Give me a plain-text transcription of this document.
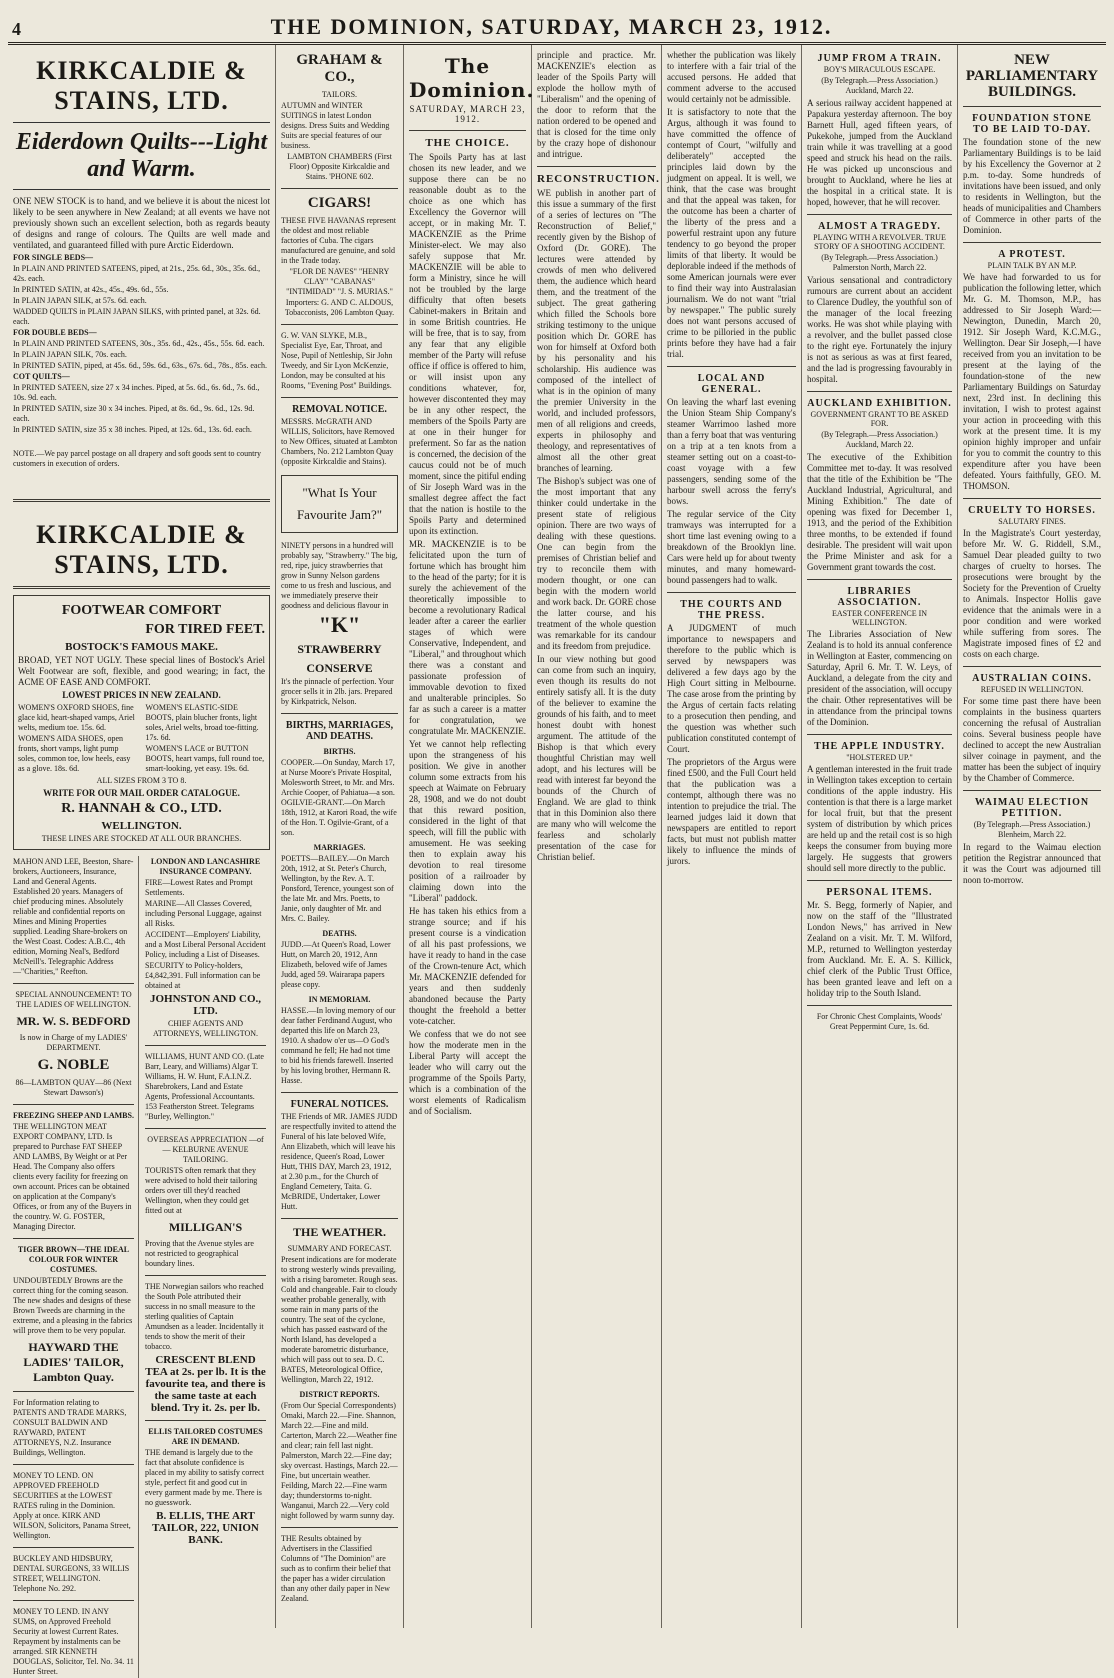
4	THE DOMINION, SATURDAY, MARCH 23, 1912.
KIRKCALDIE & STAINS, LTD.
Eiderdown Quilts---Light and Warm.

ONE NEW STOCK is to hand, and we believe it is about the nicest lot likely to be seen anywhere in New Zealand; at all events we have not previously shown such an excellent selection, both as regards beauty of designs and range of colours. The Quilts are well made and ventilated, and guaranteed filled with pure Arctic Eiderdown.

FOR SINGLE BEDS—

In PLAIN AND PRINTED SATEENS, piped, at 21s., 25s. 6d., 30s., 35s. 6d., 42s. each.

In PRINTED SATIN, at 42s., 45s., 49s. 6d., 55s.

In PLAIN JAPAN SILK, at 57s. 6d. each.

WADDED QUILTS in PLAIN JAPAN SILKS, with printed panel, at 32s. 6d. each.

FOR DOUBLE BEDS—

In PLAIN AND PRINTED SATEENS, 30s., 35s. 6d., 42s., 45s., 55s. 6d. each.

In PLAIN JAPAN SILK, 70s. each.

In PRINTED SATIN, piped, at 45s. 6d., 59s. 6d., 63s., 67s. 6d., 78s., 85s. each.

COT QUILTS—

In PRINTED SATEEN, size 27 x 34 inches. Piped, at 5s. 6d., 6s. 6d., 7s. 6d., 10s. 9d. each.

In PRINTED SATIN, size 30 x 34 inches. Piped, at 8s. 6d., 9s. 6d., 12s. 9d. each.

In PRINTED SATIN, size 35 x 38 inches. Piped, at 12s. 6d., 13s. 6d. each.

NOTE.—We pay parcel postage on all drapery and soft goods sent to country customers in execution of orders.

KIRKCALDIE & STAINS, LTD.
FOOTWEAR COMFORT
FOR TIRED FEET.
BOSTOCK'S FAMOUS MAKE.

BROAD, YET NOT UGLY. These special lines of Bostock's Ariel Welt Footwear are soft, flexible, and good wearing; in fact, the ACME OF EASE AND COMFORT.

LOWEST PRICES IN NEW ZEALAND.

WOMEN'S OXFORD SHOES, fine glace kid, heart-shaped vamps, Ariel welts, medium toe. 15s. 6d.

WOMEN'S AIDA SHOES, open fronts, short vamps, light pump soles, common toe, low heels, easy as a glove. 18s. 6d.

WOMEN'S ELASTIC-SIDE BOOTS, plain blucher fronts, light soles, Ariel welts, broad toe-fitting. 17s. 6d.

WOMEN'S LACE or BUTTON BOOTS, heart vamps, full round toe, smart-looking, yet easy. 19s. 6d.

ALL SIZES FROM 3 TO 8.
WRITE FOR OUR MAIL ORDER CATALOGUE.
R. HANNAH & CO., LTD.
WELLINGTON.
THESE LINES ARE STOCKED AT ALL OUR BRANCHES.

MAHON AND LEE, Beeston, Share-brokers, Auctioneers, Insurance, Land and General Agents. Established 20 years. Managers of chief producing mines. Absolutely reliable and confidential reports on Mines and Mining Properties supplied. Leading Share-brokers on the West Coast. Codes: A.B.C., 4th edition, Morning Neal's, Bedford McNeill's. Telegraphic Address—"Charities," Reefton.

SPECIAL ANNOUNCEMENT! TO THE LADIES OF WELLINGTON.

MR. W. S. BEDFORD

Is now in Charge of my LADIES' DEPARTMENT.

G. NOBLE

86—LAMBTON QUAY—86 (Next Stewart Dawson's)

FREEZING SHEEP AND LAMBS.

THE WELLINGTON MEAT EXPORT COMPANY, LTD. Is prepared to Purchase FAT SHEEP AND LAMBS, By Weight or at Per Head. The Company also offers clients every facility for freezing on own account. Prices can be obtained on application at the Company's Offices, or from any of the Buyers in the country. W. G. FOSTER, Managing Director.

TIGER BROWN—THE IDEAL COLOUR FOR WINTER COSTUMES.

UNDOUBTEDLY Browns are the correct thing for the coming season. The new shades and designs of these Brown Tweeds are charming in the extreme, and a pleasing in the fabrics will prove them to be very popular.

HAYWARD THE LADIES' TAILOR, Lambton Quay.

For Information relating to PATENTS AND TRADE MARKS, CONSULT BALDWIN AND RAYWARD, PATENT ATTORNEYS, N.Z. Insurance Buildings, Wellington.

MONEY TO LEND. ON APPROVED FREEHOLD SECURITIES at the LOWEST RATES ruling in the Dominion. Apply at once. KIRK AND WILSON, Solicitors, Panama Street, Wellington.

BUCKLEY AND HIDSBURY, DENTAL SURGEONS, 33 WILLIS STREET, WELLINGTON. Telephone No. 292.

MONEY TO LEND. IN ANY SUMS, on Approved Freehold Security at lowest Current Rates. Repayment by instalments can be arranged. SIR KENNETH DOUGLAS, Solicitor, Tel. No. 34. 11 Hunter Street.

LONDON AND LANCASHIRE INSURANCE COMPANY.

FIRE—Lowest Rates and Prompt Settlements.

MARINE—All Classes Covered, including Personal Luggage, against all Risks.

ACCIDENT—Employers' Liability, and a Most Liberal Personal Accident Policy, including a List of Diseases.

SECURITY to Policy-holders, £4,842,391. Full information can be obtained at

JOHNSTON AND CO., LTD.

CHIEF AGENTS AND ATTORNEYS, WELLINGTON.

WILLIAMS, HUNT AND CO. (Late Barr, Leary, and Williams) Algar T. Williams, H. W. Hunt, F.A.I.N.Z. Sharebrokers, Land and Estate Agents, Professional Accountants. 153 Featherston Street. Telegrams "Burley, Wellington."

OVERSEAS APPRECIATION —of— KELBURNE AVENUE TAILORING.

TOURISTS often remark that they were advised to hold their tailoring orders over till they'd reached Wellington, when they could get fitted out at

MILLIGAN'S

Proving that the Avenue styles are not restricted to geographical boundary lines.

THE Norwegian sailors who reached the South Pole attributed their success in no small measure to the sterling qualities of Captain Amundsen as a leader. Incidentally it tends to show the merit of their tobacco.

CRESCENT BLEND TEA at 2s. per lb. It is the favourite tea, and there is the same taste at each blend. Try it. 2s. per lb.

ELLIS TAILORED COSTUMES ARE IN DEMAND.

THE demand is largely due to the fact that absolute confidence is placed in my ability to satisfy correct style, perfect fit and good cut in every garment made by me. There is no guesswork.

B. ELLIS, THE ART TAILOR, 222, UNION BANK.
GRAHAM & CO.,
TAILORS.

AUTUMN and WINTER SUITINGS in latest London designs. Dress Suits and Wedding Suits are special features of our business.

LAMBTON CHAMBERS (First Floor) Opposite Kirkcaldie and Stains. 'PHONE 602.

CIGARS!

THESE FIVE HAVANAS represent the oldest and most reliable factories of Cuba. The cigars manufactured are genuine, and sold in the Trade today.

"FLOR DE NAVES" "HENRY CLAY" "CABANAS" "INTIMIDAD" "J. S. MURIAS."

Importers: G. AND C. ALDOUS, Tobacconists, 206 Lambton Quay.

G. W. VAN SLYKE, M.B., Specialist Eye, Ear, Throat, and Nose, Pupil of Nettleship, Sir John Tweedy, and Sir Lyon McKenzie, London, may be consulted at his Rooms, "Evening Post" Buildings.

REMOVAL NOTICE.

MESSRS. McGRATH AND WILLIS, Solicitors, have Removed to New Offices, situated at Lambton Chambers, No. 212 Lambton Quay (opposite Kirkcaldie and Stains).

"What Is Your Favourite Jam?"

NINETY persons in a hundred will probably say, "Strawberry." The big, red, ripe, juicy strawberries that grow in Sunny Nelson gardens come to us fresh and luscious, and we immediately preserve their goodness and delicious flavour in

"K"
STRAWBERRY
CONSERVE

It's the pinnacle of perfection. Your grocer sells it in 2lb. jars. Prepared by Kirkpatrick, Nelson.

BIRTHS, MARRIAGES, AND DEATHS.
BIRTHS.

COOPER.—On Sunday, March 17, at Nurse Moore's Private Hospital, Molesworth Street, to Mr. and Mrs. Archie Cooper, of Pahiatua—a son. OGILVIE-GRANT.—On March 18th, 1912, at Karori Road, the wife of the Hon. T. Ogilvie-Grant, of a son.

MARRIAGES.

POETTS—BAILEY.—On March 20th, 1912, at St. Peter's Church, Wellington, by the Rev. A. T. Ponsford, Terence, youngest son of the late Mr. and Mrs. Poetts, to Janie, only daughter of Mr. and Mrs. C. Bailey.

DEATHS.

JUDD.—At Queen's Road, Lower Hutt, on March 20, 1912, Ann Elizabeth, beloved wife of James Judd, aged 59. Wairarapa papers please copy.

IN MEMORIAM.

HASSE.—In loving memory of our dear father Ferdinand August, who departed this life on March 23, 1910. A shadow o'er us—O God's command he fell; He had not time to bid his friends farewell. Inserted by his loving brother, Hermann R. Hasse.

FUNERAL NOTICES.

THE Friends of MR. JAMES JUDD are respectfully invited to attend the Funeral of his late beloved Wife, Ann Elizabeth, which will leave his residence, Queen's Road, Lower Hutt, THIS DAY, March 23, 1912, at 2.30 p.m., for the Church of England Cemetery, Taita. G. McBRIDE, Undertaker, Lower Hutt.

THE WEATHER.
SUMMARY AND FORECAST.

Present indications are for moderate to strong westerly winds prevailing, with a rising barometer. Rough seas. Cold and changeable. Fair to cloudy weather probable generally, with some rain in many parts of the country. The seat of the cyclone, which has passed eastward of the North Island, has developed a moderate barometric disturbance, which will pass out to sea. D. C. BATES, Meteorological Office, Wellington, March 22, 1912.

DISTRICT REPORTS.

(From Our Special Correspondents) Omaki, March 22.—Fine. Shannon, March 22.—Fine and mild. Carterton, March 22.—Weather fine and clear; rain fell last night. Palmerston, March 22.—Fine day; sky overcast. Hastings, March 22.—Fine, but uncertain weather. Feilding, March 22.—Fine warm day; thunderstorms to-night. Wanganui, March 22.—Very cold night followed by warm sunny day.

THE Results obtained by Advertisers in the Classified Columns of "The Dominion" are such as to confirm their belief that the paper has a wider circulation than any other daily paper in New Zealand.

The Dominion.
SATURDAY, MARCH 23, 1912.
THE CHOICE.

The Spoils Party has at last chosen its new leader, and we suppose there can be no reasonable doubt as to the choice as one which has Excellency the Governor will accept, or in making Mr. T. MACKENZIE as the Prime Minister-elect. We may also safely suppose that Mr. MACKENZIE will be able to form a Ministry, since he will not be troubled by the large difficulty that often besets Cabinet-makers in Britain and in some British countries. He will be free, that is to say, from any fear that any eligible member of the Party will refuse office if office is offered to him, or will insist upon any conditions whatever, for, however discontented they may be in any other respect, the members of the Spoils Party are at one in their hunger for preferment. So far as the nation is concerned, the decision of the caucus could not be of much moment, since the pitiful ending of Sir Joseph Ward was in the smallest degree affect the fact that the nation is hostile to the Spoils Party and determined upon its extinction.

MR. MACKENZIE is to be felicitated upon the turn of fortune which has brought him to the head of the party; for it is surely the achievement of the theoretically impossible to become a revolutionary Radical leader after a career the earlier stages of which were Conservative, Independent, and "Liberal," and throughout which there was a constant and passionate profession of immovable devotion to fixed and unalterable principles. So far as such a career is a matter for congratulation, we congratulate Mr. MACKENZIE.

Yet we cannot help reflecting upon the strangeness of his position. We give in another column some extracts from his speech at Waimate on February 28, 1908, and we do not doubt that this reward position, considered in the light of that speech, will fill the public with amusement. He was seeking then to explain away his devotion to real tiresome position of a railroader by claiming down into the "Liberal" paddock.

He has taken his ethics from a strange source; and if his present course is a vindication of all his past professions, we have it ready to hand in the case of the Crown-tenure Act, which Mr. MACKENZIE defended for years and then suddenly abandoned because the Party thought the freehold a better vote-catcher.

We confess that we do not see how the moderate men in the Liberal Party will accept the leader who will carry out the programme of the Spoils Party, which is a combination of the worst elements of Radicalism and of Socialism.

principle and practice. Mr. MACKENZIE's election as leader of the Spoils Party will explode the hollow myth of "Liberalism" and the opening of the door to reform that the nation ordered to be opened and that is closed for the time only by the crazy hope of dishonour and intrigue.

RECONSTRUCTION.

WE publish in another part of this issue a summary of the first of a series of lectures on "The Reconstruction of Belief," recently given by the Bishop of Oxford (Dr. GORE). The lectures were attended by crowds of men who delivered them, the audience which heard them, and the treatment of the subject. The great gathering which filled the Schools bore striking testimony to the unique position which Dr. GORE has won for himself at Oxford both by his personality and his scholarship. His audience was composed of the intellect of what is in the opinion of many the premier University in the world, and included professors, men of all religions and creeds, experts in philosophy and theology, and representatives of almost all the other great branches of learning.

The Bishop's subject was one of the most important that any thinker could undertake in the present state of religious opinion. There are two ways of dealing with these questions. One can begin from the premises of Christian belief and try to reconcile them with modern thought, or one can begin with the modern world and work back. Dr. GORE chose the latter course, and his treatment of the whole question was remarkable for its candour and its freedom from prejudice.

In our view nothing but good can come from such an inquiry, even though its results do not entirely satisfy all. It is the duty of the believer to examine the grounds of his faith, and to meet honest doubt with honest argument. The attitude of the Bishop is that which every thoughtful Christian may well adopt, and his lectures will be read with interest far beyond the bounds of the Church of England. We are glad to think that in this Dominion also there are many who will welcome the fearless and scholarly presentation of the case for Christian belief.

whether the publication was likely to interfere with a fair trial of the accused persons. He added that comment adverse to the accused would certainly not be admissible.

It is satisfactory to note that the Argus, although it was found to have committed the offence of contempt of Court, "wilfully and deliberately" accepted the principles laid down by the judgment on appeal. It is well, we think, that the case was brought and that the appeal was taken, for the outcome has been a charter of the liberty of the press and a powerful restraint upon any future tendency to go beyond the proper limits of that liberty. It would be deplorable indeed if the methods of some American journals were ever to find their way into Australasian journalism. We do not want "trial by newspaper." The public surely does not want persons accused of crime to be pilloried in the public prints before they have had a fair trial.

LOCAL AND GENERAL.

On leaving the wharf last evening the Union Steam Ship Company's steamer Warrimoo lashed more than a ferry boat that was venturing on a trip at a ten knots from a steamer setting out on a coast-to-coast voyage with a few passengers, sending some of the harbour swell across the ferry's bows.

The regular service of the City tramways was interrupted for a short time last evening owing to a breakdown of the Brooklyn line. Cars were held up for about twenty minutes, and many homeward-bound passengers had to walk.

THE COURTS AND THE PRESS.

A JUDGMENT of much importance to newspapers and therefore to the public which is served by newspapers was delivered a few days ago by the High Court sitting in Melbourne. The case arose from the printing by the Argus of certain facts relating to a prosecution then pending, and the question was whether such publication constituted contempt of Court.

The proprietors of the Argus were fined £500, and the Full Court held that the publication was a contempt, although there was no intention to prejudice the trial. The learned judges laid it down that newspapers are entitled to report facts, but must not publish matter likely to influence the minds of jurors.

JUMP FROM A TRAIN.
BOY'S MIRACULOUS ESCAPE.

(By Telegraph.—Press Association.) Auckland, March 22.

A serious railway accident happened at Papakura yesterday afternoon. The boy Barnett Hull, aged fifteen years, of Pukekohe, jumped from the Auckland train while it was travelling at a good speed and struck his head on the rails. He was picked up unconscious and brought to Auckland, where he lies at the hospital in a critical state. It is hoped, however, that he will recover.

ALMOST A TRAGEDY.
PLAYING WITH A REVOLVER. TRUE STORY OF A SHOOTING ACCIDENT.

(By Telegraph.—Press Association.) Palmerston North, March 22.

Various sensational and contradictory rumours are current about an accident to Clarence Dudley, the youthful son of the manager of the local freezing works. He was shot while playing with a revolver, and the bullet passed close to the right eye. Fortunately the injury is not as serious as was at first feared, and the lad is progressing favourably in hospital.

AUCKLAND EXHIBITION.
GOVERNMENT GRANT TO BE ASKED FOR.

(By Telegraph.—Press Association.) Auckland, March 22.

The executive of the Exhibition Committee met to-day. It was resolved that the title of the Exhibition be "The Auckland Industrial, Agricultural, and Mining Exhibition." The date of opening was fixed for December 1, 1913, and the period of the Exhibition three months, to be extended if found desirable. The president will wait upon the Prime Minister and ask for a Government grant towards the cost.

LIBRARIES ASSOCIATION.
EASTER CONFERENCE IN WELLINGTON.

The Libraries Association of New Zealand is to hold its annual conference in Wellington at Easter, commencing on Saturday, April 6. Mr. T. W. Leys, of Auckland, a delegate from the city and president of the association, will occupy the chair. Other representatives will be in attendance from the principal towns of the Dominion.

THE APPLE INDUSTRY.
"HOLSTERED UP."

A gentleman interested in the fruit trade in Wellington takes exception to certain conditions of the apple industry. His contention is that there is a large market for local fruit, but that the present system of distribution by which prices are held up and the retail cost is so high keeps the consumer from buying more largely. He suggests that growers should sell more directly to the public.

PERSONAL ITEMS.

Mr. S. Begg, formerly of Napier, and now on the staff of the "Illustrated London News," has arrived in New Zealand on a visit. Mr. T. M. Wilford, M.P., returned to Wellington yesterday from Auckland. Mr. E. A. S. Killick, chief clerk of the Public Trust Office, has been granted leave and left on a holiday trip to the South Island.

For Chronic Chest Complaints, Woods' Great Peppermint Cure, 1s. 6d.

NEW PARLIAMENTARY BUILDINGS.
FOUNDATION STONE TO BE LAID TO-DAY.

The foundation stone of the new Parliamentary Buildings is to be laid by his Excellency the Governor at 2 p.m. to-day. Some hundreds of invitations have been issued, and only to residents in Wellington, but the heads of municipalities and Chambers of Commerce in other parts of the Dominion.

A PROTEST.
PLAIN TALK BY AN M.P.

We have had forwarded to us for publication the following letter, which Mr. G. M. Thomson, M.P., has addressed to Sir Joseph Ward:— Newington, Dunedin, March 20, 1912. Sir Joseph Ward, K.C.M.G., Wellington. Dear Sir Joseph,—I have received from you an invitation to be present at the laying of the foundation-stone of the new Parliamentary Buildings on Saturday next, 23rd inst. In declining this invitation, I wish to protest against your action in proceeding with this work at the present time. It is my opinion highly improper and unfair for you to commit the country to this expenditure after you have been defeated. Yours faithfully, GEO. M. THOMSON.

CRUELTY TO HORSES.
SALUTARY FINES.

In the Magistrate's Court yesterday, before Mr. W. G. Riddell, S.M., Samuel Dear pleaded guilty to two charges of cruelty to horses. The prosecutions were brought by the Society for the Prevention of Cruelty to Animals. Inspector Hollis gave evidence that the animals were in a poor condition and were worked while suffering from sores. The Magistrate imposed fines of £2 and costs on each charge.

AUSTRALIAN COINS.
REFUSED IN WELLINGTON.

For some time past there have been complaints in the business quarters concerning the refusal of Australian coins. Several business people have declined to accept the new Australian silver coinage in payment, and the matter has been the subject of inquiry by the Chamber of Commerce.

WAIMAU ELECTION PETITION.

(By Telegraph.—Press Association.) Blenheim, March 22.

In regard to the Waimau election petition the Registrar announced that it was the Court was adjourned till noon to-morrow.
